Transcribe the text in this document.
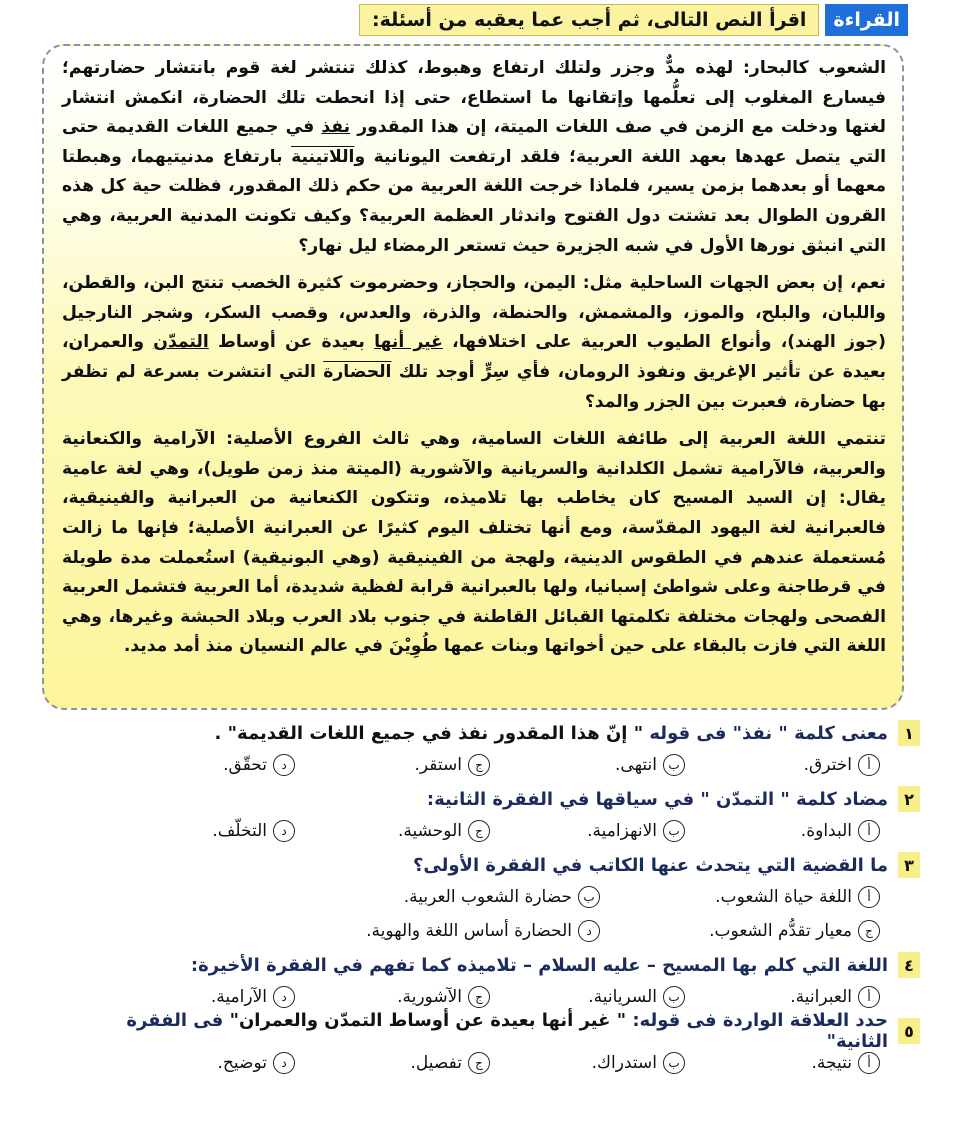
القراءة
اقرأ النص التالى، ثم أجب عما يعقبه من أسئلة:

الشعوب كالبحار: لهذه مدٌّ وجزر ولتلك ارتفاع وهبوط، كذلك تنتشر لغة قوم بانتشار حضارتهم؛ فيسارع المغلوب إلى تعلُّمها وإتقانها ما استطاع، حتى إذا انحطت تلك الحضارة، انكمش انتشار لغتها ودخلت مع الزمن في صف اللغات الميتة، إن هذا المقدور نفذ في جميع اللغات القديمة حتى التي يتصل عهدها بعهد اللغة العربية؛ فلقد ارتفعت اليونانية واللاتينية بارتفاع مدنيتيهما، وهبطتا معهما أو بعدهما بزمن يسير، فلماذا خرجت اللغة العربية من حكم ذلك المقدور، فظلت حية كل هذه القرون الطوال بعد تشتت دول الفتوح واندثار العظمة العربية؟ وكيف تكونت المدنية العربية، وهي التي انبثق نورها الأول في شبه الجزيرة حيث تستعر الرمضاء ليل نهار؟

نعم، إن بعض الجهات الساحلية مثل: اليمن، والحجاز، وحضرموت كثيرة الخصب تنتج البن، والقطن، واللبان، والبلح، والموز، والمشمش، والحنطة، والذرة، والعدس، وقصب السكر، وشجر النارجيل (جوز الهند)، وأنواع الطيوب العربية على اختلافها، غير أنها بعيدة عن أوساط التمدّن والعمران، بعيدة عن تأثير الإغريق ونفوذ الرومان، فأي سِرٍّ أوجد تلك الحضارة التي انتشرت بسرعة لم تظفر بها حضارة، فعبرت بين الجزر والمد؟

تنتمي اللغة العربية إلى طائفة اللغات السامية، وهي ثالث الفروع الأصلية: الآرامية والكنعانية والعربية، فالآرامية تشمل الكلدانية والسريانية والآشورية (الميتة منذ زمن طويل)، وهي لغة عامية يقال: إن السيد المسيح كان يخاطب بها تلاميذه، وتتكون الكنعانية من العبرانية والفينيقية، فالعبرانية لغة اليهود المقدّسة، ومع أنها تختلف اليوم كثيرًا عن العبرانية الأصلية؛ فإنها ما زالت مُستعملة عندهم في الطقوس الدينية، ولهجة من الفينيقية (وهي البونيقية) استُعملت مدة طويلة في قرطاجنة وعلى شواطئ إسبانيا، ولها بالعبرانية قرابة لفظية شديدة، أما العربية فتشمل العربية الفصحى ولهجات مختلفة تكلمتها القبائل القاطنة في جنوب بلاد العرب وبلاد الحبشة وغيرها، وهي اللغة التي فازت بالبقاء على حين أخواتها وبنات عمها طُوِيْنَ في عالم النسيان منذ أمد مديد.

١
معنى كلمة " نفذ" فى قوله " إنّ هذا المقدور نفذ في جميع اللغات القديمة" .
أ
اخترق.
ب
انتهى.
ج
استقر.
د
تحقّق.
٢
مضاد كلمة " التمدّن " في سياقها في الفقرة الثانية:
أ
البداوة.
ب
الانهزامية.
ج
الوحشية.
د
التخلّف.
٣
ما القضية التي يتحدث عنها الكاتب في الفقرة الأولى؟
أ
اللغة حياة الشعوب.
ب
حضارة الشعوب العربية.
ج
معيار تقدُّم الشعوب.
د
الحضارة أساس اللغة والهوية.
٤
اللغة التي كلم بها المسيح – عليه السلام – تلاميذه كما تفهم في الفقرة الأخيرة:
أ
العبرانية.
ب
السريانية.
ج
الآشورية.
د
الآرامية.
٥
حدد العلاقة الواردة فى قوله: " غير أنها بعيدة عن أوساط التمدّن والعمران" فى الفقرة الثانية"
أ
نتيجة.
ب
استدراك.
ج
تفصيل.
د
توضيح.
